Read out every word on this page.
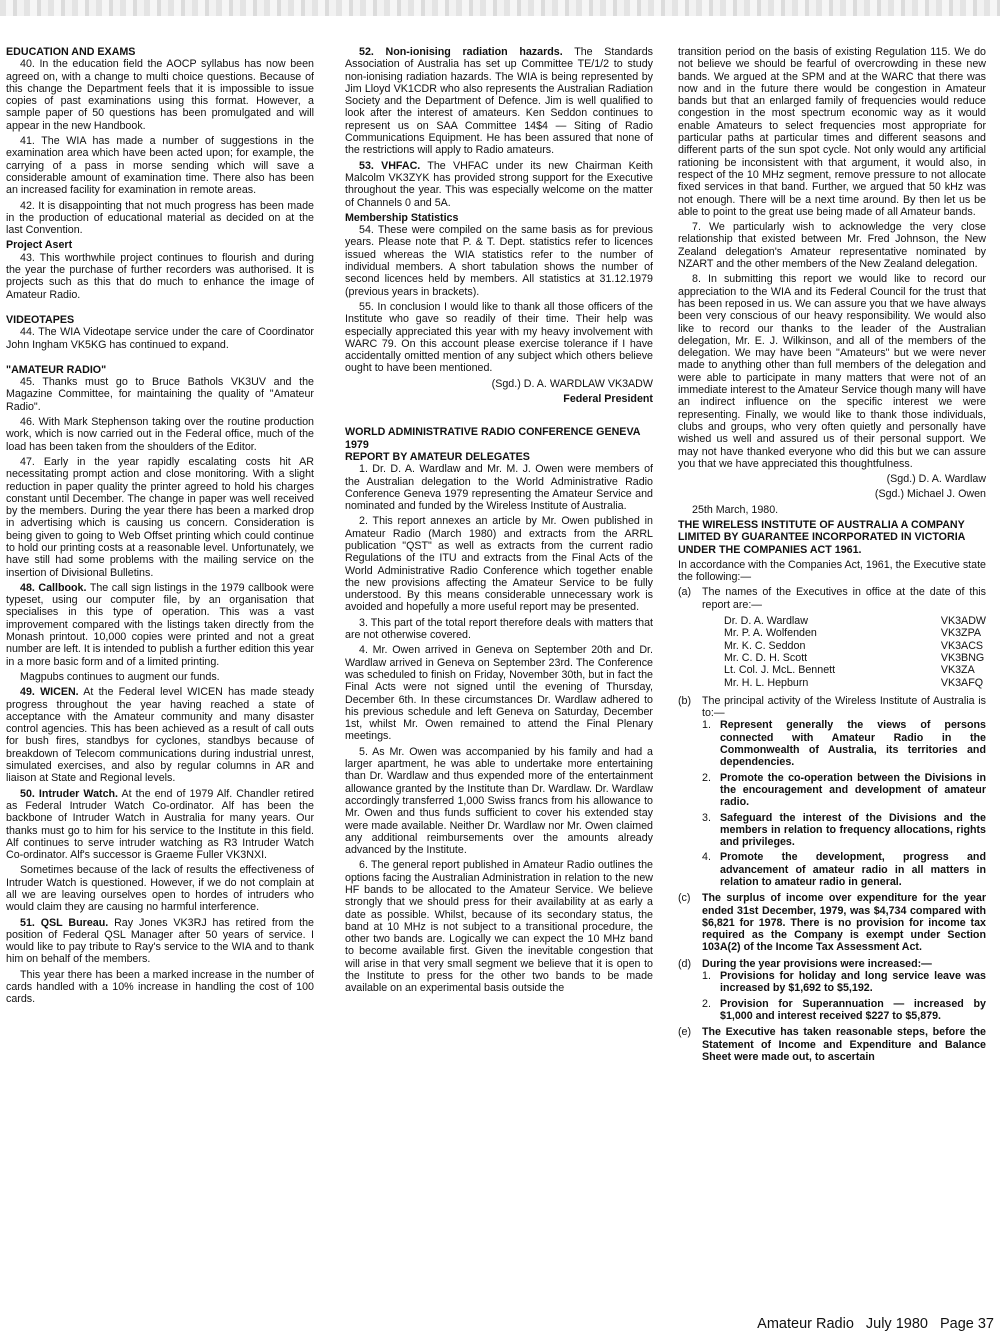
EDUCATION AND EXAMS

40. In the education field the AOCP syllabus has now been agreed on, with a change to multi choice questions. Because of this change the Department feels that it is impossible to issue copies of past examinations using this format. However, a sample paper of 50 questions has been promulgated and will appear in the new Handbook.

41. The WIA has made a number of suggestions in the examination area which have been acted upon; for example, the carrying of a pass in morse sending which will save a considerable amount of examination time. There also has been an increased facility for examination in remote areas.

42. It is disappointing that not much progress has been made in the production of educational material as decided on at the last Convention.

Project Asert

43. This worthwhile project continues to flourish and during the year the purchase of further recorders was authorised. It is projects such as this that do much to enhance the image of Amateur Radio.

VIDEOTAPES

44. The WIA Videotape service under the care of Coordinator John Ingham VK5KG has continued to expand.

"AMATEUR RADIO"

45. Thanks must go to Bruce Bathols VK3UV and the Magazine Committee, for maintaining the quality of "Amateur Radio".

46. With Mark Stephenson taking over the routine production work, which is now carried out in the Federal office, much of the load has been taken from the shoulders of the Editor.

47. Early in the year rapidly escalating costs hit AR necessitating prompt action and close monitoring. With a slight reduction in paper quality the printer agreed to hold his charges constant until December. The change in paper was well received by the members. During the year there has been a marked drop in advertising which is causing us concern. Consideration is being given to going to Web Offset printing which could continue to hold our printing costs at a reasonable level. Unfortunately, we have still had some problems with the mailing service on the insertion of Divisional Bulletins.

48. Callbook. The call sign listings in the 1979 callbook were typeset, using our computer file, by an organisation that specialises in this type of operation. This was a vast improvement compared with the listings taken directly from the Monash printout. 10,000 copies were printed and not a great number are left. It is intended to publish a further edition this year in a more basic form and of a limited printing.

Magpubs continues to augment our funds.

49. WICEN. At the Federal level WICEN has made steady progress throughout the year having reached a state of acceptance with the Amateur community and many disaster control agencies. This has been achieved as a result of call outs for bush fires, standbys for cyclones, standbys because of breakdown of Telecom communications during industrial unrest, simulated exercises, and also by regular columns in AR and liaison at State and Regional levels.

50. Intruder Watch. At the end of 1979 Alf. Chandler retired as Federal Intruder Watch Co-ordinator. Alf has been the backbone of Intruder Watch in Australia for many years. Our thanks must go to him for his service to the Institute in this field. Alf continues to serve intruder watching as R3 Intruder Watch Co-ordinator. Alf's successor is Graeme Fuller VK3NXI.

Sometimes because of the lack of results the effectiveness of Intruder Watch is questioned. However, if we do not complain at all we are leaving ourselves open to hordes of intruders who would claim they are causing no harmful interference.

51. QSL Bureau. Ray Jones VK3RJ has retired from the position of Federal QSL Manager after 50 years of service. I would like to pay tribute to Ray's service to the WIA and to thank him on behalf of the members.

This year there has been a marked increase in the number of cards handled with a 10% increase in handling the cost of 100 cards.

52. Non-ionising radiation hazards. The Standards Association of Australia has set up Committee TE/1/2 to study non-ionising radiation hazards. The WIA is being represented by Jim Lloyd VK1CDR who also represents the Australian Radiation Society and the Department of Defence. Jim is well qualified to look after the interest of amateurs. Ken Seddon continues to represent us on SAA Committee 14$4 — Siting of Radio Communications Equipment. He has been assured that none of the restrictions will apply to Radio amateurs.

53. VHFAC. The VHFAC under its new Chairman Keith Malcolm VK3ZYK has provided strong support for the Executive throughout the year. This was especially welcome on the matter of Channels 0 and 5A.

Membership Statistics

54. These were compiled on the same basis as for previous years. Please note that P. & T. Dept. statistics refer to licences issued whereas the WIA statistics refer to the number of individual members. A short tabulation shows the number of second licences held by members. All statistics at 31.12.1979 (previous years in brackets).

55. In conclusion I would like to thank all those officers of the Institute who gave so readily of their time. Their help was especially appreciated this year with my heavy involvement with WARC 79. On this account please exercise tolerance if I have accidentally omitted mention of any subject which others believe ought to have been mentioned.

(Sgd.) D. A. WARDLAW VK3ADW

Federal President

WORLD ADMINISTRATIVE RADIO CONFERENCE GENEVA 1979
REPORT BY AMATEUR DELEGATES

1. Dr. D. A. Wardlaw and Mr. M. J. Owen were members of the Australian delegation to the World Administrative Radio Conference Geneva 1979 representing the Amateur Service and nominated and funded by the Wireless Institute of Australia.

2. This report annexes an article by Mr. Owen published in Amateur Radio (March 1980) and extracts from the ARRL publication "QST" as well as extracts from the current radio Regulations of the ITU and extracts from the Final Acts of the World Administrative Radio Conference which together enable the new provisions affecting the Amateur Service to be fully understood. By this means considerable unnecessary work is avoided and hopefully a more useful report may be presented.

3. This part of the total report therefore deals with matters that are not otherwise covered.

4. Mr. Owen arrived in Geneva on September 20th and Dr. Wardlaw arrived in Geneva on September 23rd. The Conference was scheduled to finish on Friday, November 30th, but in fact the Final Acts were not signed until the evening of Thursday, December 6th. In these circumstances Dr. Wardlaw adhered to his previous schedule and left Geneva on Saturday, December 1st, whilst Mr. Owen remained to attend the Final Plenary meetings.

5. As Mr. Owen was accompanied by his family and had a larger apartment, he was able to undertake more entertaining than Dr. Wardlaw and thus expended more of the entertainment allowance granted by the Institute than Dr. Wardlaw. Dr. Wardlaw accordingly transferred 1,000 Swiss francs from his allowance to Mr. Owen and thus funds sufficient to cover his extended stay were made available. Neither Dr. Wardlaw nor Mr. Owen claimed any additional reimbursements over the amounts already advanced by the Institute.

6. The general report published in Amateur Radio outlines the options facing the Australian Administration in relation to the new HF bands to be allocated to the Amateur Service. We believe strongly that we should press for their availability at as early a date as possible. Whilst, because of its secondary status, the band at 10 MHz is not subject to a transitional procedure, the other two bands are. Logically we can expect the 10 MHz band to become available first. Given the inevitable congestion that will arise in that very small segment we believe that it is open to the Institute to press for the other two bands to be made available on an experimental basis outside the

transition period on the basis of existing Regulation 115. We do not believe we should be fearful of overcrowding in these new bands. We argued at the SPM and at the WARC that there was now and in the future there would be congestion in Amateur bands but that an enlarged family of frequencies would reduce congestion in the most spectrum economic way as it would enable Amateurs to select frequencies most appropriate for particular paths at particular times and different seasons and different parts of the sun spot cycle. Not only would any artificial rationing be inconsistent with that argument, it would also, in respect of the 10 MHz segment, remove pressure to not allocate fixed services in that band. Further, we argued that 50 kHz was not enough. There will be a next time around. By then let us be able to point to the great use being made of all Amateur bands.

7. We particularly wish to acknowledge the very close relationship that existed between Mr. Fred Johnson, the New Zealand delegation's Amateur representative nominated by NZART and the other members of the New Zealand delegation.

8. In submitting this report we would like to record our appreciation to the WIA and its Federal Council for the trust that has been reposed in us. We can assure you that we have always been very conscious of our heavy responsibility. We would also like to record our thanks to the leader of the Australian delegation, Mr. E. J. Wilkinson, and all of the members of the delegation. We may have been "Amateurs" but we were never made to anything other than full members of the delegation and were able to participate in many matters that were not of an immediate interest to the Amateur Service though many will have an indirect influence on the specific interest we were representing. Finally, we would like to thank those individuals, clubs and groups, who very often quietly and personally have wished us well and assured us of their personal support. We may not have thanked everyone who did this but we can assure you that we have appreciated this thoughtfulness.

(Sgd.) D. A. Wardlaw

(Sgd.) Michael J. Owen

25th March, 1980.

THE WIRELESS INSTITUTE OF AUSTRALIA A COMPANY LIMITED BY GUARANTEE INCORPORATED IN VICTORIA UNDER THE COMPANIES ACT 1961.

In accordance with the Companies Act, 1961, the Executive state the following:—

(a) The names of the Executives in office at the date of this report are:—
Dr. D. A. Wardlaw	VK3ADW
Mr. P. A. Wolfenden	VK3ZPA
Mr. K. C. Seddon	VK3ACS
Mr. C. D. H. Scott	VK3BNG
Lt. Col. J. McL. Bennett	VK3ZA
Mr. H. L. Hepburn	VK3AFQ
(b) The principal activity of the Wireless Institute of Australia is to:—
1. Represent generally the views of persons connected with Amateur Radio in the Commonwealth of Australia, its territories and dependencies.
2. Promote the co-operation between the Divisions in the encouragement and development of amateur radio.
3. Safeguard the interest of the Divisions and the members in relation to frequency allocations, rights and privileges.
4. Promote the development, progress and advancement of amateur radio in all matters in relation to amateur radio in general.
(c) The surplus of income over expenditure for the year ended 31st December, 1979, was $4,734 compared with $6,821 for 1978. There is no provision for income tax required as the Company is exempt under Section 103A(2) of the Income Tax Assessment Act.
(d) During the year provisions were increased:—
1. Provisions for holiday and long service leave was increased by $1,692 to $5,192.
2. Provision for Superannuation — increased by $1,000 and interest received $227 to $5,879.
(e) The Executive has taken reasonable steps, before the Statement of Income and Expenditure and Balance Sheet were made out, to ascertain
Amateur Radio July 1980 Page 37
